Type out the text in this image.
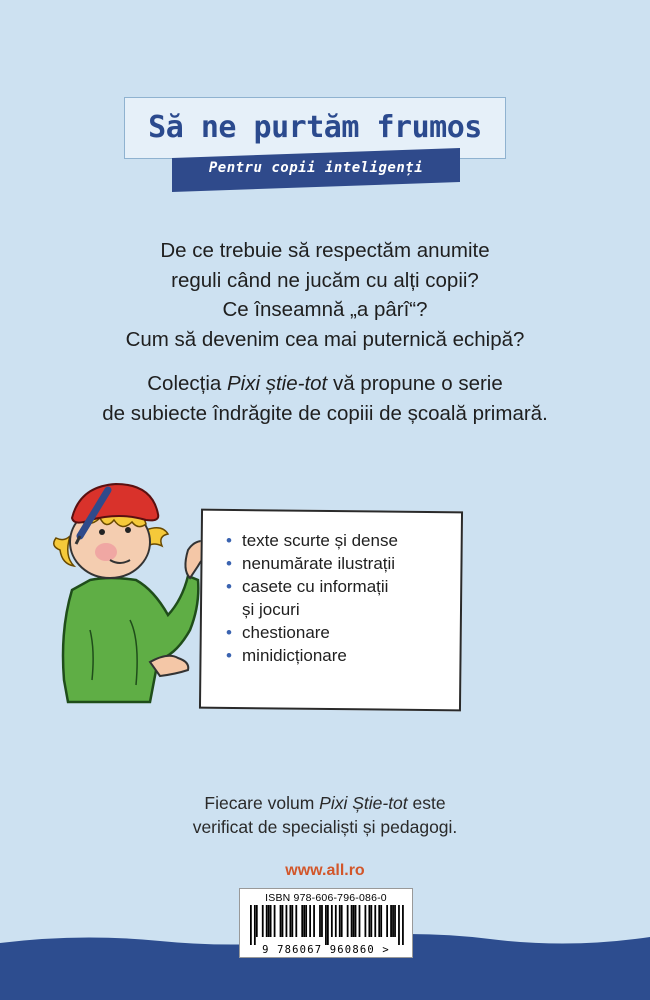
Să ne purtăm frumos
Pentru copii inteligenți
De ce trebuie să respectăm anumite
reguli când ne jucăm cu alți copii?
Ce înseamnă „a pârî“?
Cum să devenim cea mai puternică echipă?
Colecția Pixi știe-tot vă propune o serie
de subiecte îndrăgite de copiii de școală primară.
• texte scurte și dense
• nenumărate ilustrații
• casete cu informații
și jocuri
• chestionare
• minidicționare
Fiecare volum Pixi Știe-tot este
verificat de specialiști și pedagogi.
www.all.ro
ISBN 978-606-796-086-0
9 786067 960860 >
